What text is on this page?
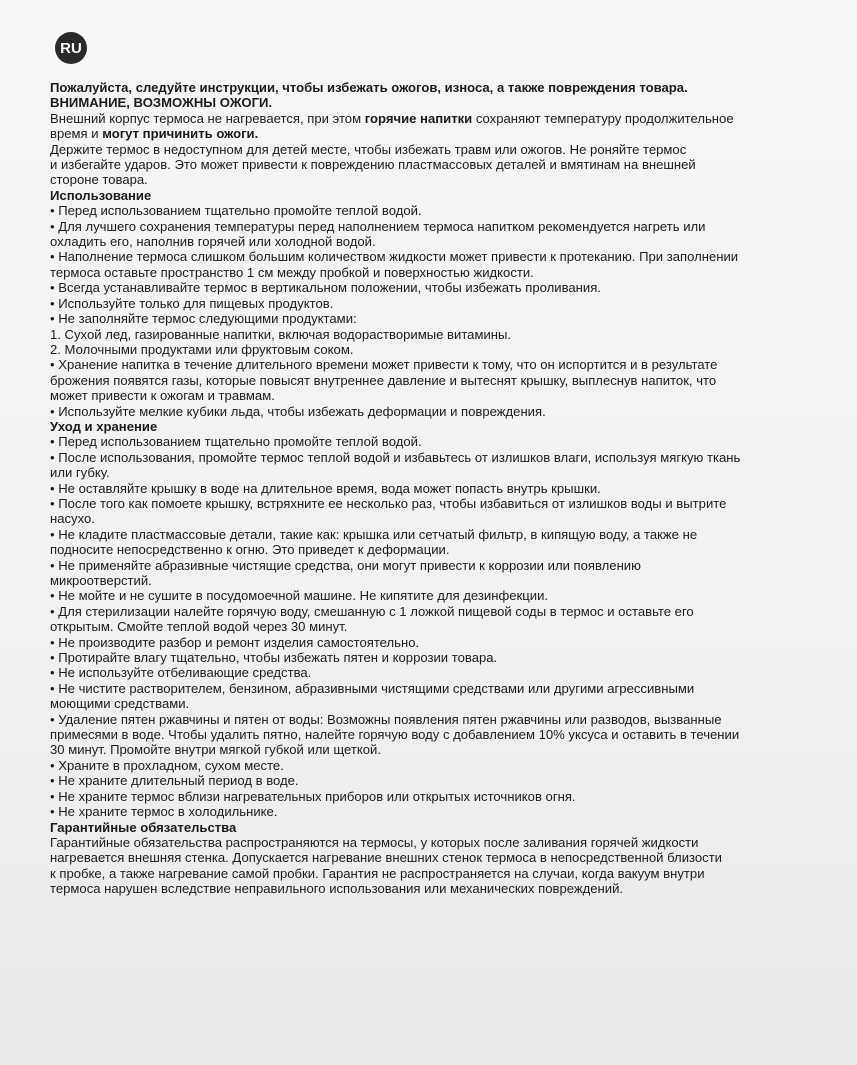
RU

Пожалуйста, следуйте инструкции, чтобы избежать ожогов, износа, а также повреждения товара.

ВНИМАНИЕ, ВОЗМОЖНЫ ОЖОГИ.

Внешний корпус термоса не нагревается, при этом горячие напитки сохраняют температуру продолжительное

время и могут причинить ожоги.

Держите термос в недоступном для детей месте, чтобы избежать травм или ожогов. Не роняйте термос

и избегайте ударов. Это может привести к повреждению пластмассовых деталей и вмятинам на внешней

стороне товара.

Использование

• Перед использованием тщательно промойте теплой водой.

• Для лучшего сохранения температуры перед наполнением термоса напитком рекомендуется нагреть или

охладить его, наполнив горячей или холодной водой.

• Наполнение термоса слишком большим количеством жидкости может привести к протеканию. При заполнении

термоса оставьте пространство 1 см между пробкой и поверхностью жидкости.

• Всегда устанавливайте термос в вертикальном положении, чтобы избежать проливания.

• Используйте только для пищевых продуктов.

• Не заполняйте термос следующими продуктами:

1. Сухой лед, газированные напитки, включая водорастворимые витамины.

2. Молочными продуктами или фруктовым соком.

• Хранение напитка в течение длительного времени может привести к тому, что он испортится и в результате

брожения появятся газы, которые повысят внутреннее давление и вытеснят крышку, выплеснув напиток, что

может привести к ожогам и травмам.

• Используйте мелкие кубики льда, чтобы избежать деформации и повреждения.

Уход и хранение

• Перед использованием тщательно промойте теплой водой.

• После использования, промойте термос теплой водой и избавьтесь от излишков влаги, используя мягкую ткань

или губку.

• Не оставляйте крышку в воде на длительное время, вода может попасть внутрь крышки.

• После того как помоете крышку, встряхните ее несколько раз, чтобы избавиться от излишков воды и вытрите

насухо.

• Не кладите пластмассовые детали, такие как: крышка или сетчатый фильтр, в кипящую воду, а также не

подносите непосредственно к огню. Это приведет к деформации.

• Не применяйте абразивные чистящие средства, они могут привести к коррозии или появлению

микроотверстий.

• Не мойте и не сушите в посудомоечной машине. Не кипятите для дезинфекции.

• Для стерилизации налейте горячую воду, смешанную с 1 ложкой пищевой соды в термос и оставьте его

открытым. Смойте теплой водой через 30 минут.

• Не производите разбор и ремонт изделия самостоятельно.

• Протирайте влагу тщательно, чтобы избежать пятен и коррозии товара.

• Не используйте отбеливающие средства.

• Не чистите растворителем, бензином, абразивными чистящими средствами или другими агрессивными

моющими средствами.

• Удаление пятен ржавчины и пятен от воды: Возможны появления пятен ржавчины или разводов, вызванные

примесями в воде. Чтобы удалить пятно, налейте горячую воду с добавлением 10% уксуса и оставить в течении

30 минут. Промойте внутри мягкой губкой или щеткой.

• Храните в прохладном, сухом месте.

• Не храните длительный период в воде.

• Не храните термос вблизи нагревательных приборов или открытых источников огня.

• Не храните термос в холодильнике.

Гарантийные обязательства

Гарантийные обязательства распространяются на термосы, у которых после заливания горячей жидкости

нагревается внешняя стенка. Допускается нагревание внешних стенок термоса в непосредственной близости

к пробке, а также нагревание самой пробки. Гарантия не распространяется на случаи, когда вакуум внутри

термоса нарушен вследствие неправильного использования или механических повреждений.
